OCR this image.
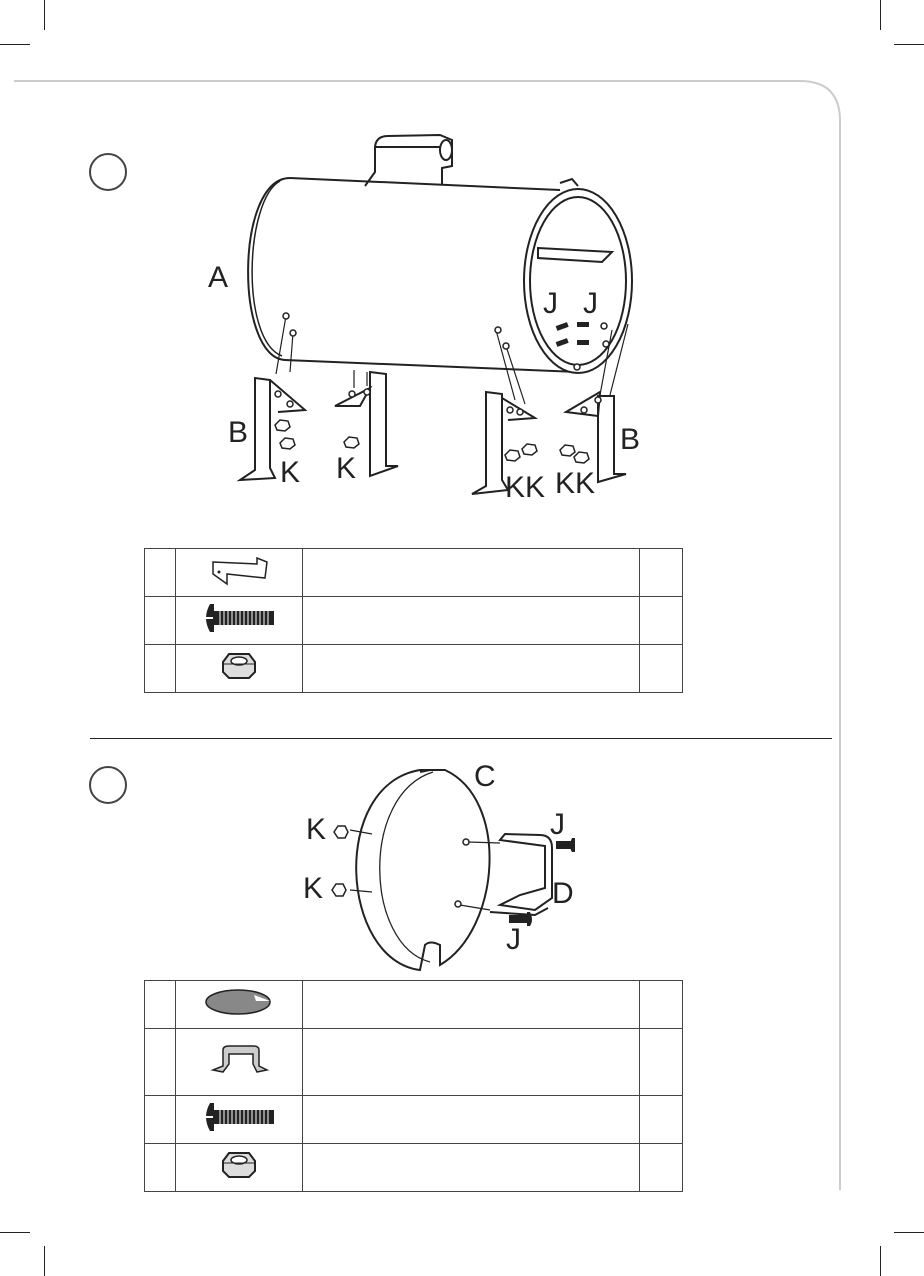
A
B	B
J J
K K
KK KK

C
D
J
J
K
K
